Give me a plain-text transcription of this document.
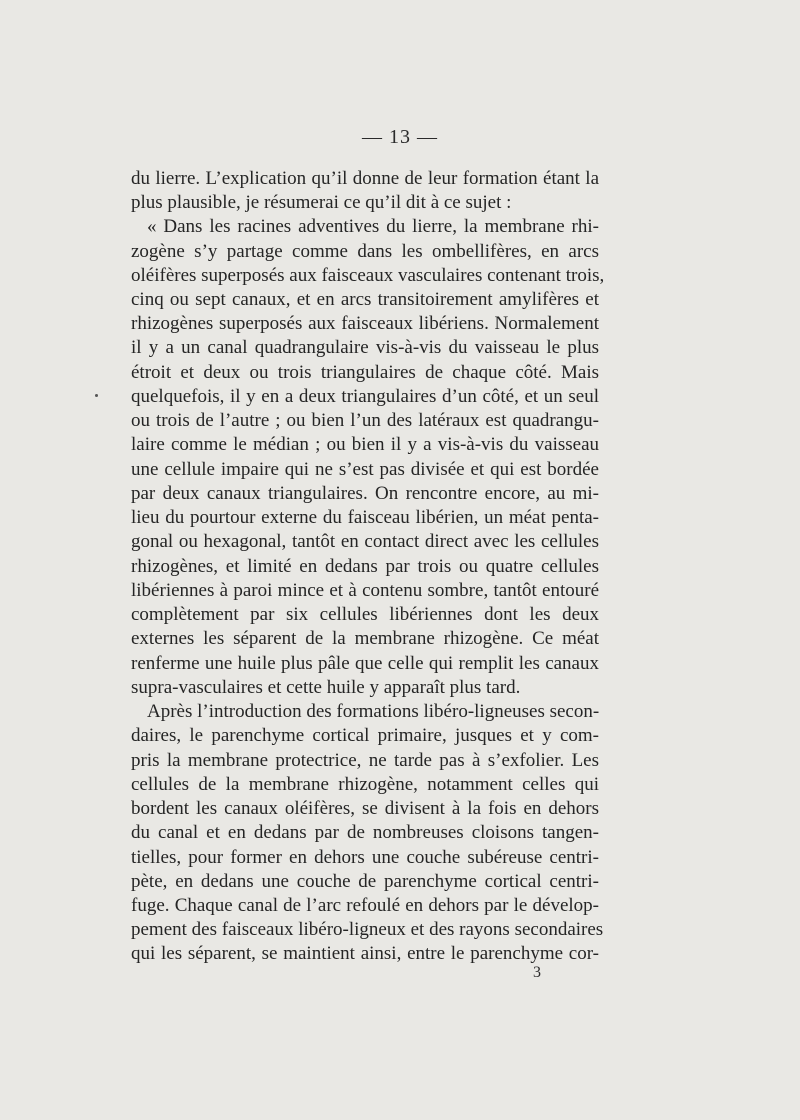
— 13 —
du lierre. L’explication qu’il donne de leur formation étant la
plus plausible, je résumerai ce qu’il dit à ce sujet :
« Dans les racines adventives du lierre, la membrane rhi-
zogène s’y partage comme dans les ombellifères, en arcs
oléifères superposés aux faisceaux vasculaires contenant trois,
cinq ou sept canaux, et en arcs transitoirement amylifères et
rhizogènes superposés aux faisceaux libériens. Normalement
il y a un canal quadrangulaire vis-à-vis du vaisseau le plus
étroit et deux ou trois triangulaires de chaque côté. Mais
quelquefois, il y en a deux triangulaires d’un côté, et un seul
ou trois de l’autre ; ou bien l’un des latéraux est quadrangu-
laire comme le médian ; ou bien il y a vis-à-vis du vaisseau
une cellule impaire qui ne s’est pas divisée et qui est bordée
par deux canaux triangulaires. On rencontre encore, au mi-
lieu du pourtour externe du faisceau libérien, un méat penta-
gonal ou hexagonal, tantôt en contact direct avec les cellules
rhizogènes, et limité en dedans par trois ou quatre cellules
libériennes à paroi mince et à contenu sombre, tantôt entouré
complètement par six cellules libériennes dont les deux
externes les séparent de la membrane rhizogène. Ce méat
renferme une huile plus pâle que celle qui remplit les canaux
supra-vasculaires et cette huile y apparaît plus tard.
Après l’introduction des formations libéro-ligneuses secon-
daires, le parenchyme cortical primaire, jusques et y com-
pris la membrane protectrice, ne tarde pas à s’exfolier. Les
cellules de la membrane rhizogène, notamment celles qui
bordent les canaux oléifères, se divisent à la fois en dehors
du canal et en dedans par de nombreuses cloisons tangen-
tielles, pour former en dehors une couche subéreuse centri-
pète, en dedans une couche de parenchyme cortical centri-
fuge. Chaque canal de l’arc refoulé en dehors par le dévelop-
pement des faisceaux libéro-ligneux et des rayons secondaires
qui les séparent, se maintient ainsi, entre le parenchyme cor-
3
